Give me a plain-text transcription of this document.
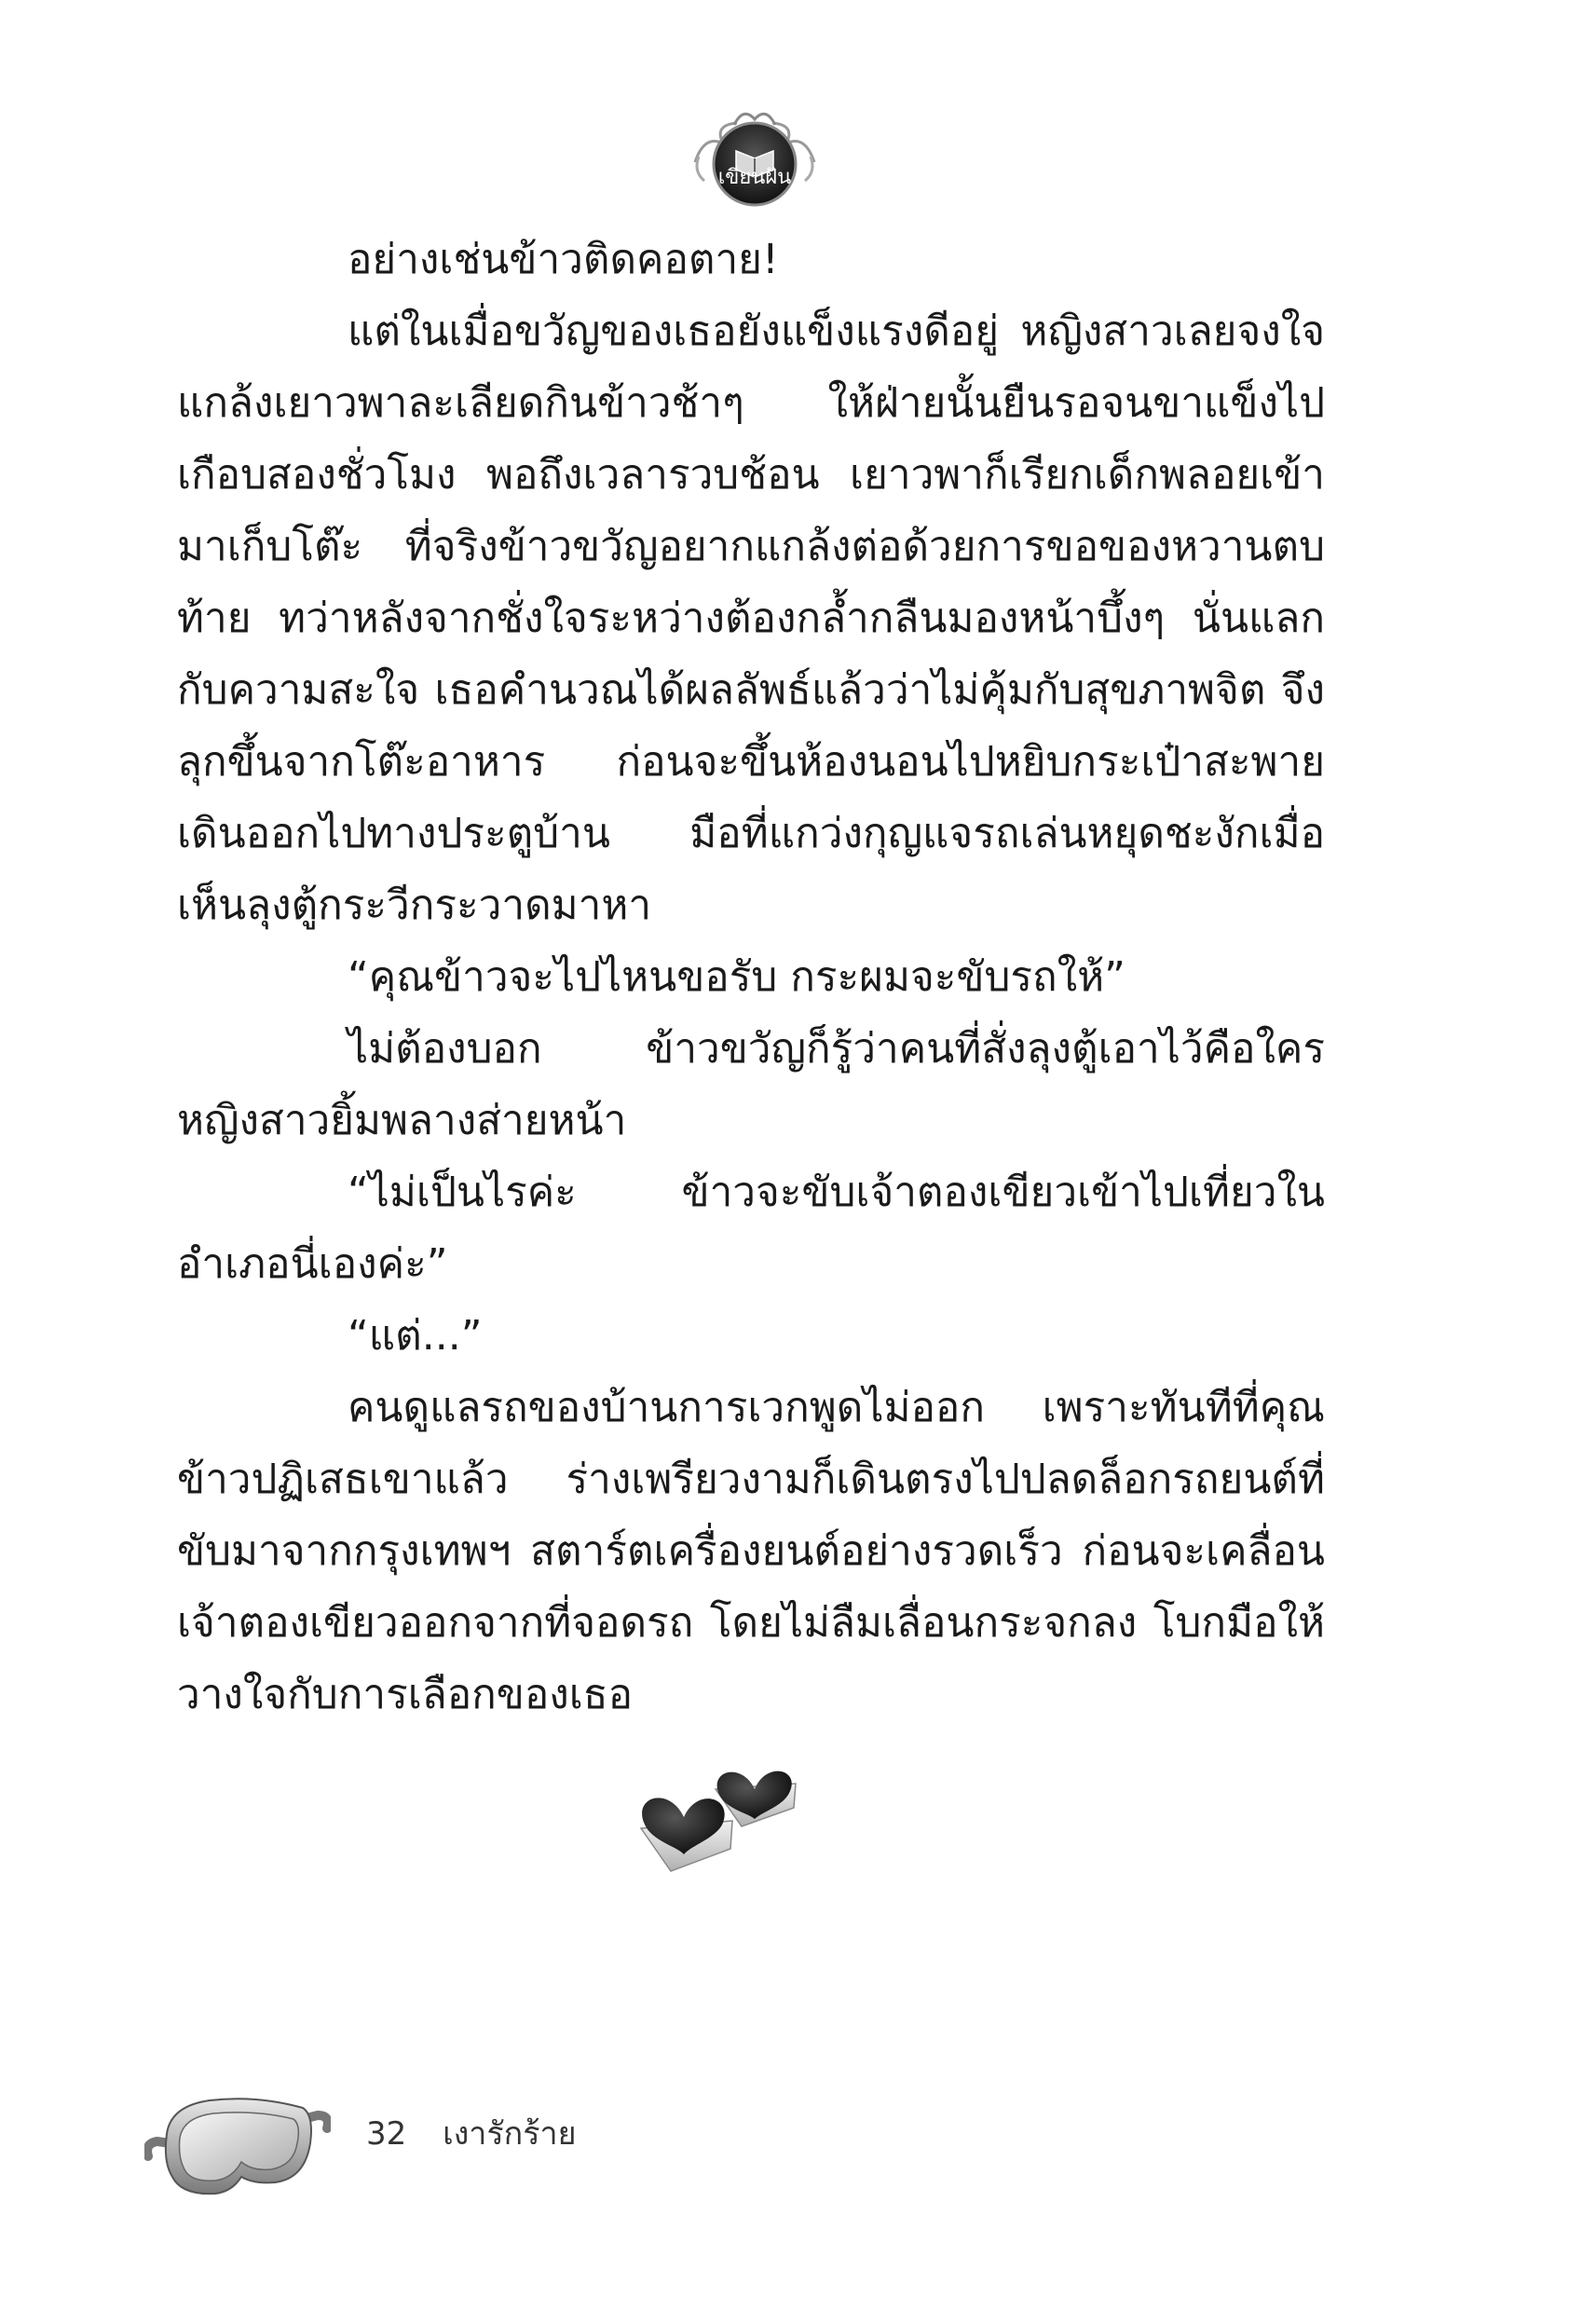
เขียนฝัน

อย่างเช่นข้าวติดคอตาย!

แต่ในเมื่อขวัญของเธอยังแข็งแรงดีอยู่ หญิงสาวเลยจงใจแกล้งเยาวพาละเลียดกินข้าวช้าๆ ให้ฝ่ายนั้นยืนรอจนขาแข็งไปเกือบสองชั่วโมง พอถึงเวลารวบช้อน เยาวพาก็เรียกเด็กพลอยเข้ามาเก็บโต๊ะ ที่จริงข้าวขวัญอยากแกล้งต่อด้วยการขอของหวานตบท้าย ทว่าหลังจากชั่งใจระหว่างต้องกล้ำกลืนมองหน้าบึ้งๆ นั่นแลกกับความสะใจ เธอคำนวณได้ผลลัพธ์แล้วว่าไม่คุ้มกับสุขภาพจิต จึงลุกขึ้นจากโต๊ะอาหาร ก่อนจะขึ้นห้องนอนไปหยิบกระเป๋าสะพาย เดินออกไปทางประตูบ้าน มือที่แกว่งกุญแจรถเล่นหยุดชะงักเมื่อเห็นลุงตู้กระวีกระวาดมาหา

“คุณข้าวจะไปไหนขอรับ กระผมจะขับรถให้”

ไม่ต้องบอก ข้าวขวัญก็รู้ว่าคนที่สั่งลุงตู้เอาไว้คือใคร หญิงสาวยิ้มพลางส่ายหน้า

“ไม่เป็นไรค่ะ ข้าวจะขับเจ้าตองเขียวเข้าไปเที่ยวในอำเภอนี่เองค่ะ”

“แต่...”

คนดูแลรถของบ้านการเวกพูดไม่ออก เพราะทันทีที่คุณข้าวปฏิเสธเขาแล้ว ร่างเพรียวงามก็เดินตรงไปปลดล็อกรถยนต์ที่ขับมาจากกรุงเทพฯ สตาร์ตเครื่องยนต์อย่างรวดเร็ว ก่อนจะเคลื่อนเจ้าตองเขียวออกจากที่จอดรถ โดยไม่ลืมเลื่อนกระจกลง โบกมือให้วางใจกับการเลือกของเธอ

32 เงารักร้าย
